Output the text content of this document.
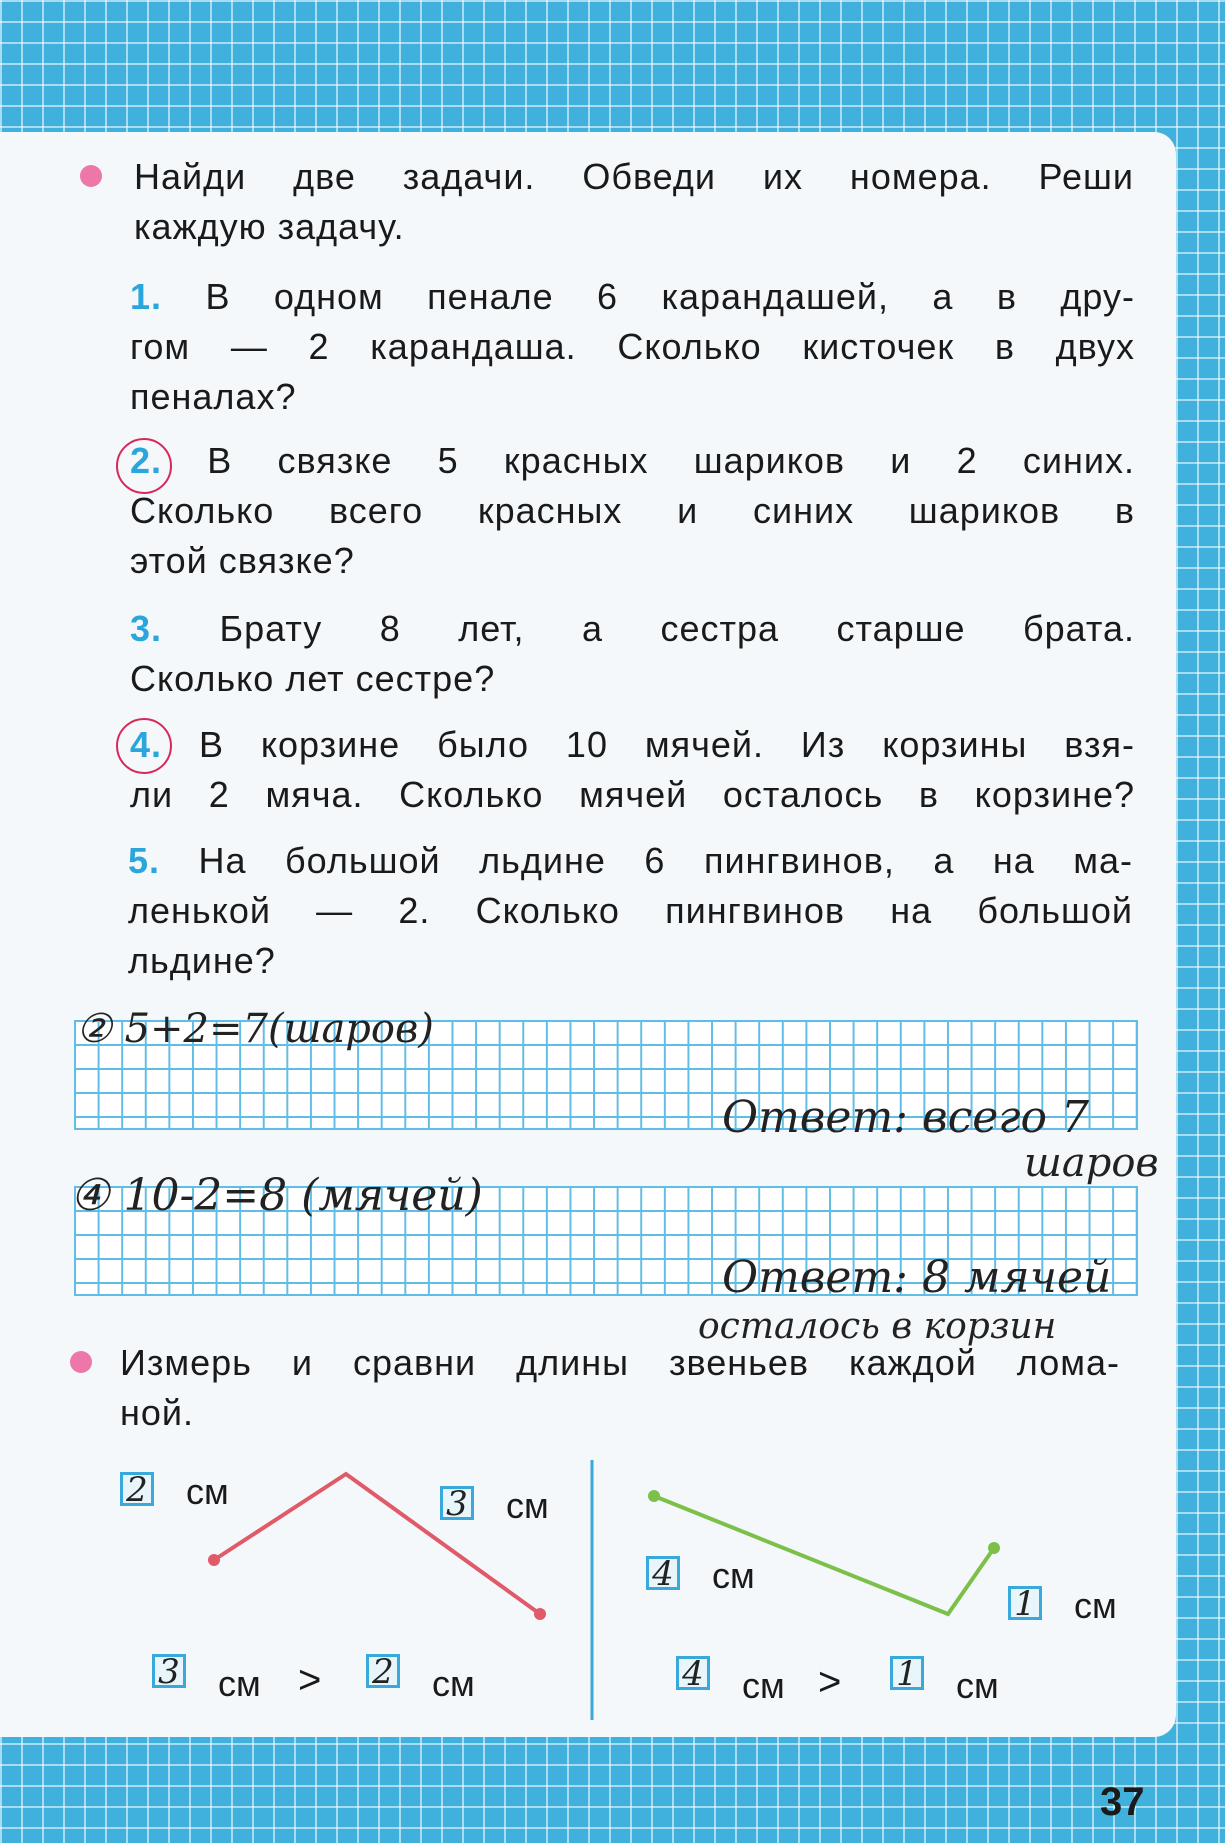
Найди две задачи. Обведи их номера. Реши
каждую задачу.
1. В одном пенале 6 карандашей, а в дру-
гом — 2 карандаша. Сколько кисточек в двух
пеналах?
2. В связке 5 красных шариков и 2 синих.
Сколько всего красных и синих шариков в
этой связке?
3. Брату 8 лет, а сестра старше брата.
Сколько лет сестре?
4. В корзине было 10 мячей. Из корзины взя-
ли 2 мяча. Сколько мячей осталось в корзине?
5. На большой льдине 6 пингвинов, а на ма-
ленькой — 2. Сколько пингвинов на большой
льдине?
② 5+2=7(шаров)
Ответ: всего 7
шаров
④ 10-2=8 (мячей)
Ответ: 8 мячей
осталось в корзин
Измерь и сравни длины звеньев каждой лома-
ной.
2 см	3 см
3 см > 2 см
4 см
1 см
4 см > 1 см
37
